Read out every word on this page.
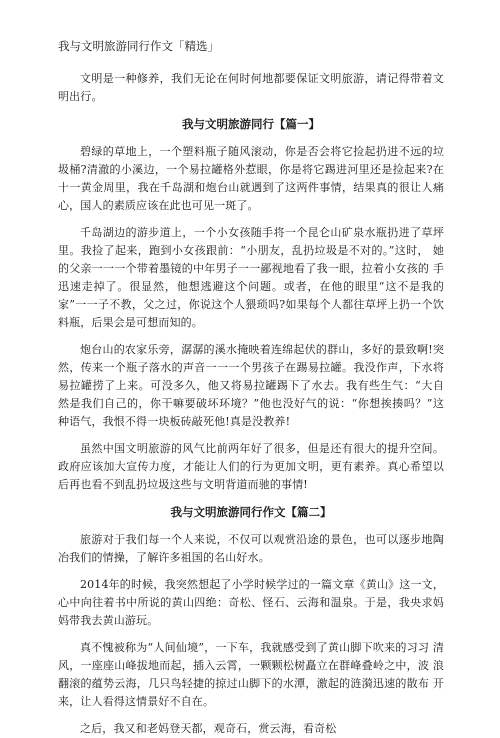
我与文明旅游同行作文「精选」

文明是一种修养，我们无论在何时何地都要保证文明旅游，请记得带着文 明出行。

我与文明旅游同行【篇一】

碧绿的草地上，一个塑料瓶子随风滚动，你是否会将它捡起扔进不远的垃 圾桶?清澈的小溪边，一个易拉罐格外惹眼，你是将它踢进河里还是捡起来?在 十一黄金周里，我在千岛湖和炮台山就遇到了这两件事情，结果真的很让人痛 心，国人的素质应该在此也可见一斑了。

千岛湖边的游步道上，一个小女孩随手将一个昆仑山矿泉水瓶扔进了草坪 里。我捡了起来，跑到小女孩跟前：“小朋友，乱扔垃圾是不对的。”这时， 她的父亲一一一个带着墨镜的中年男子一一鄙视地看了我一眼，拉着小女孩的 手迅速走掉了。很显然，他想逃避这个问题。或者，在他的眼里“这不是我的 家”一一子不教，父之过，你说这个人猥琐吗?如果每个人都往草坪上扔一个饮 料瓶，后果会是可想而知的。

炮台山的农家乐旁，潺潺的溪水掩映着连绵起伏的群山，多好的景致啊!突 然，传来一个瓶子落水的声音一一一个男孩子在踢易拉罐。我没作声，下水将 易拉罐捞了上来。可没多久，他又将易拉罐踢下了水去。我有些生气：“大自 然是我们自己的，你干嘛要破坏环境？”他也没好气的说：“你想挨揍吗？”这 种语气，我恨不得一块板砖敲死他!真是没教养!

虽然中国文明旅游的风气比前两年好了很多，但是还有很大的提升空间。 政府应该加大宣传力度，才能让人们的行为更加文明，更有素养。真心希望以 后再也看不到乱扔垃圾这些与文明背道而驰的事情!

我与文明旅游同行作文【篇二】

旅游对于我们每一个人来说，不仅可以观赏沿途的景色，也可以逐步地陶 冶我们的情操，了解许多祖国的名山好水。

2014年的时候，我突然想起了小学时候学过的一篇文章《黄山》这一文， 心中向往着书中所说的黄山四绝：奇松、怪石、云海和温泉。于是，我央求妈 妈带我去黄山游玩。

真不愧被称为“人间仙境”，一下车，我就感受到了黄山脚下吹来的习习 清风，一座座山峰拔地而起，插入云霄，一颗颗松树矗立在群峰叠岭之中，波 浪翻滚的蕴势云海，几只鸟轻捷的掠过山脚下的水潭，激起的涟漪迅速的散布 开来，让人看得这情景好不自在。

之后，我又和老妈登天都，观奇石，赏云海，看奇松
